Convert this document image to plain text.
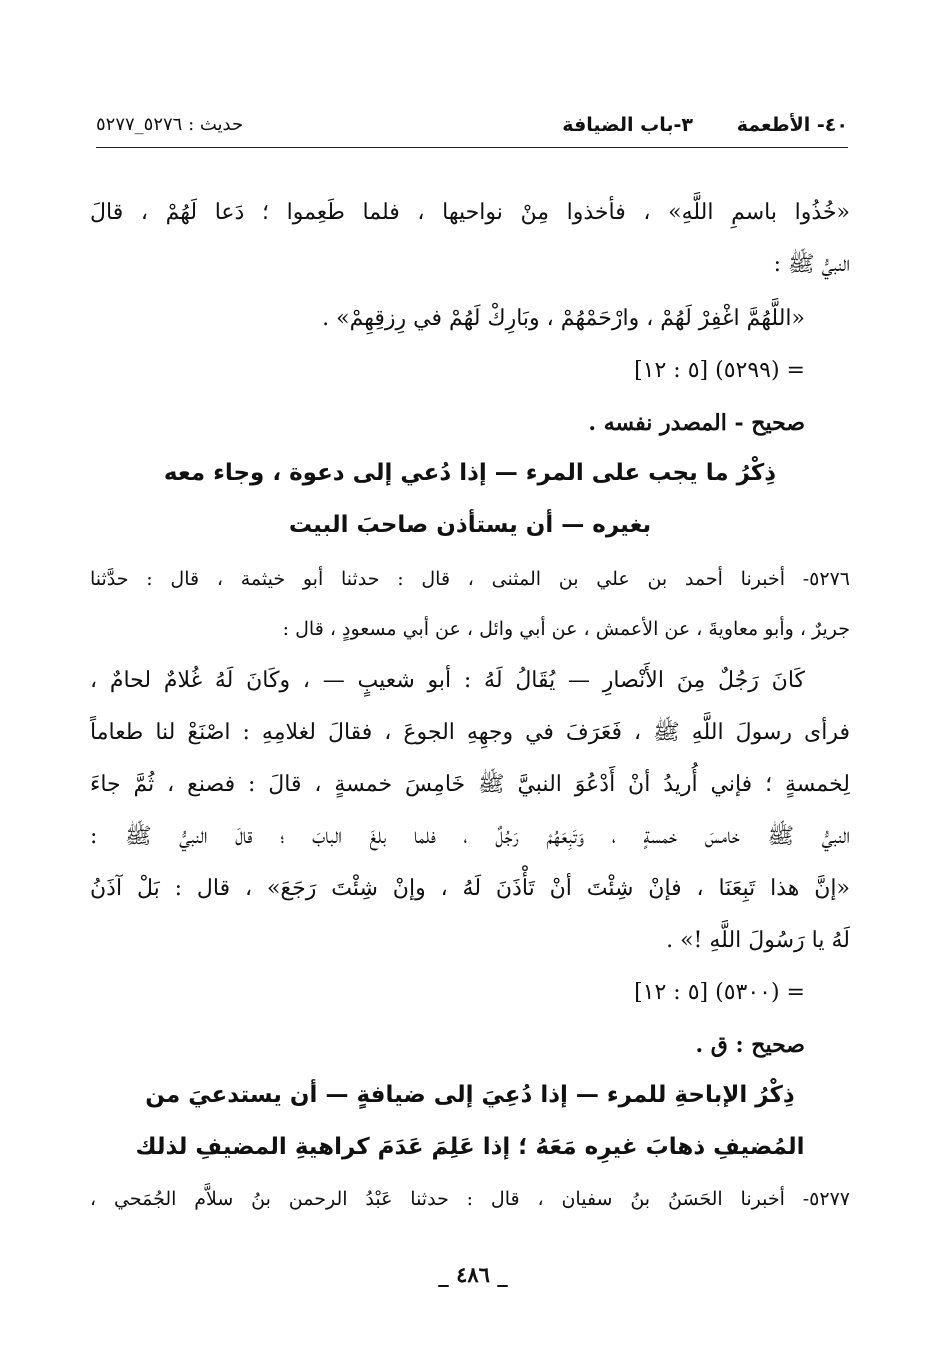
٤٠- الأطعمة
٣-باب الضيافة
حديث : ٥٢٧٦_٥٢٧٧
«خُذُوا باسمِ اللَّهِ» ، فأخذوا مِنْ نواحيها ، فلما طَعِموا ؛ دَعا لَهُمْ ، قالَ
النبيُّ ﷺ :
«اللَّهُمَّ اغْفِرْ لَهُمْ ، وارْحَمْهُمْ ، وبَارِكْ لَهُمْ في رِزقِهِمْ» .
= (٥٢٩٩) [٥ : ١٢]
صحيح - المصدر نفسه .
ذِكْرُ ما يجب على المرء — إذا دُعي إلى دعوة ، وجاء معه
بغيره — أن يستأذن صاحبَ البيت
٥٢٧٦- أخبرنا أحمد بن علي بن المثنى ، قال : حدثنا أبو خيثمة ، قال : حدَّثنا
جريرٌ ، وأبو معاويةَ ، عن الأعمش ، عن أبي وائل ، عن أبي مسعودٍ ، قال :
كَانَ رَجُلٌ مِنَ الأَنْصارِ — يُقَالُ لَهُ : أبو شعيبٍ — ، وكَانَ لَهُ غُلامٌ لحامٌ ،
فرأى رسولَ اللَّهِ ﷺ ، فَعَرَفَ في وجهِهِ الجوعَ ، فقالَ لغلامِهِ : اصْنَعْ لنا طعاماً
لِخمسةٍ ؛ فإني أُريدُ أنْ أَدْعُوَ النبيَّ ﷺ خَامِسَ خمسةٍ ، قالَ : فصنع ، ثُمَّ جاءَ
النبيُّ ﷺ خامسَ خمسةٍ ، وَتَبِعَهُمْ رَجُلٌ ، فلما بلغَ البابَ ؛ قالَ النبيُّ ﷺ :
«إنَّ هذا تَبِعَنَا ، فإنْ شِئْتَ أنْ تَأْذَنَ لَهُ ، وإنْ شِئْتَ رَجَعَ» ، قال : بَلْ آذَنُ
لَهُ يا رَسُولَ اللَّهِ !» .
= (٥٣٠٠) [٥ : ١٢]
صحيح : ق .
ذِكْرُ الإباحةِ للمرء — إذا دُعِيَ إلى ضيافةٍ — أن يستدعيَ من
المُضيفِ ذهابَ غيرِه مَعَهُ ؛ إذا عَلِمَ عَدَمَ كراهيةِ المضيفِ لذلك
٥٢٧٧- أخبرنا الحَسَنُ بنُ سفيان ، قال : حدثنا عَبْدُ الرحمن بنُ سلاَّم الجُمَحي ،
_ ٤٨٦ _
